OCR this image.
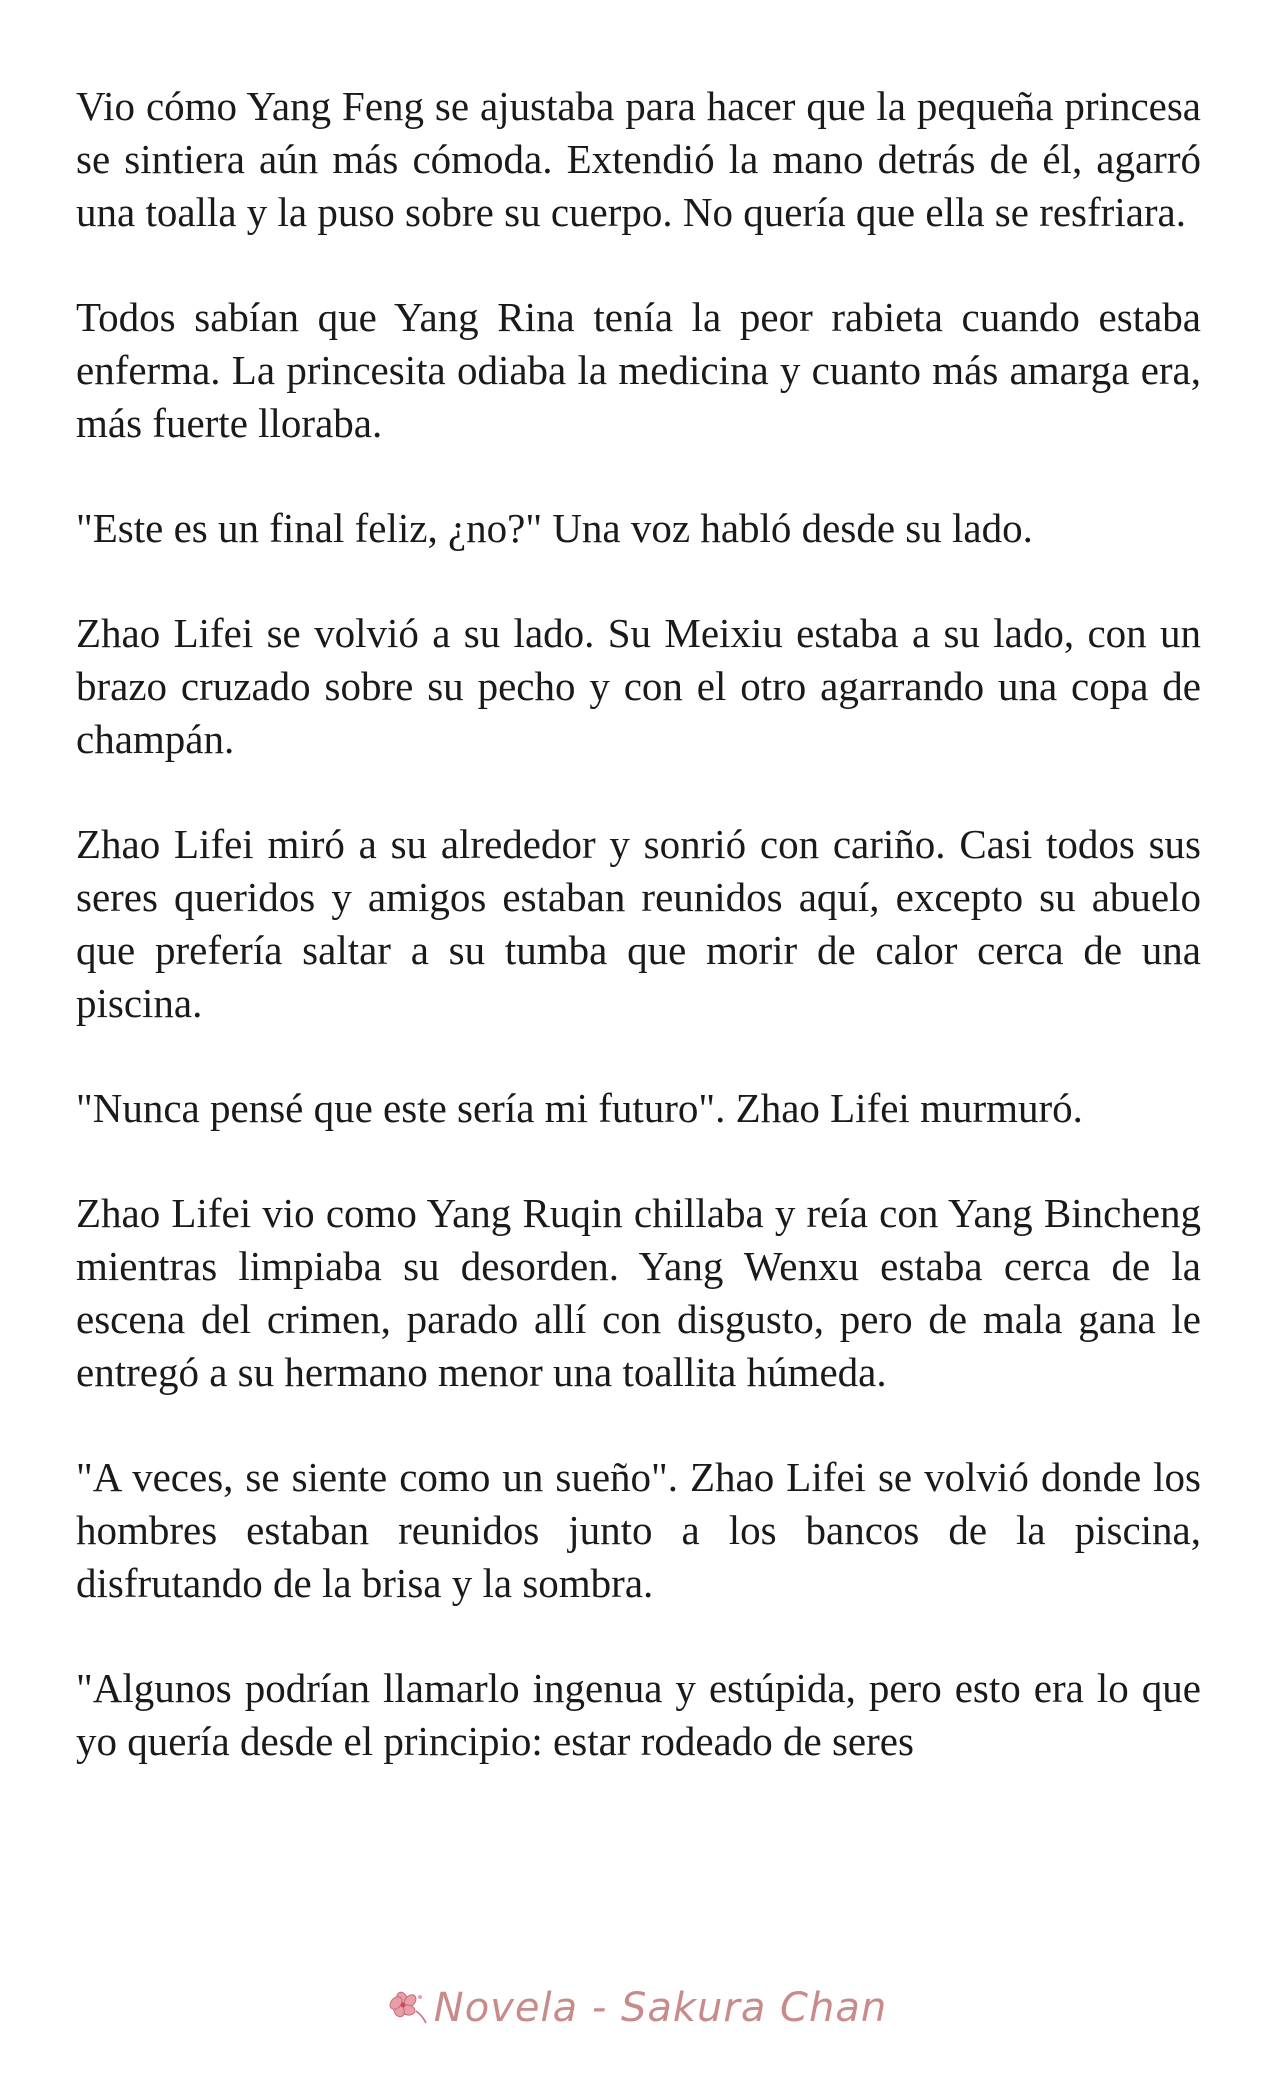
Vio cómo Yang Feng se ajustaba para hacer que la pequeña princesa se sintiera aún más cómoda. Extendió la mano detrás de él, agarró una toalla y la puso sobre su cuerpo. No quería que ella se resfriara.

Todos sabían que Yang Rina tenía la peor rabieta cuando estaba enferma. La princesita odiaba la medicina y cuanto más amarga era, más fuerte lloraba.

"Este es un final feliz, ¿no?" Una voz habló desde su lado.

Zhao Lifei se volvió a su lado. Su Meixiu estaba a su lado, con un brazo cruzado sobre su pecho y con el otro agarrando una copa de champán.

Zhao Lifei miró a su alrededor y sonrió con cariño. Casi todos sus seres queridos y amigos estaban reunidos aquí, excepto su abuelo que prefería saltar a su tumba que morir de calor cerca de una piscina.

"Nunca pensé que este sería mi futuro". Zhao Lifei murmuró.

Zhao Lifei vio como Yang Ruqin chillaba y reía con Yang Bincheng mientras limpiaba su desorden. Yang Wenxu estaba cerca de la escena del crimen, parado allí con disgusto, pero de mala gana le entregó a su hermano menor una toallita húmeda.

"A veces, se siente como un sueño". Zhao Lifei se volvió donde los hombres estaban reunidos junto a los bancos de la piscina, disfrutando de la brisa y la sombra.

"Algunos podrían llamarlo ingenua y estúpida, pero esto era lo que yo quería desde el principio: estar rodeado de seres

Novela - Sakura Chan
